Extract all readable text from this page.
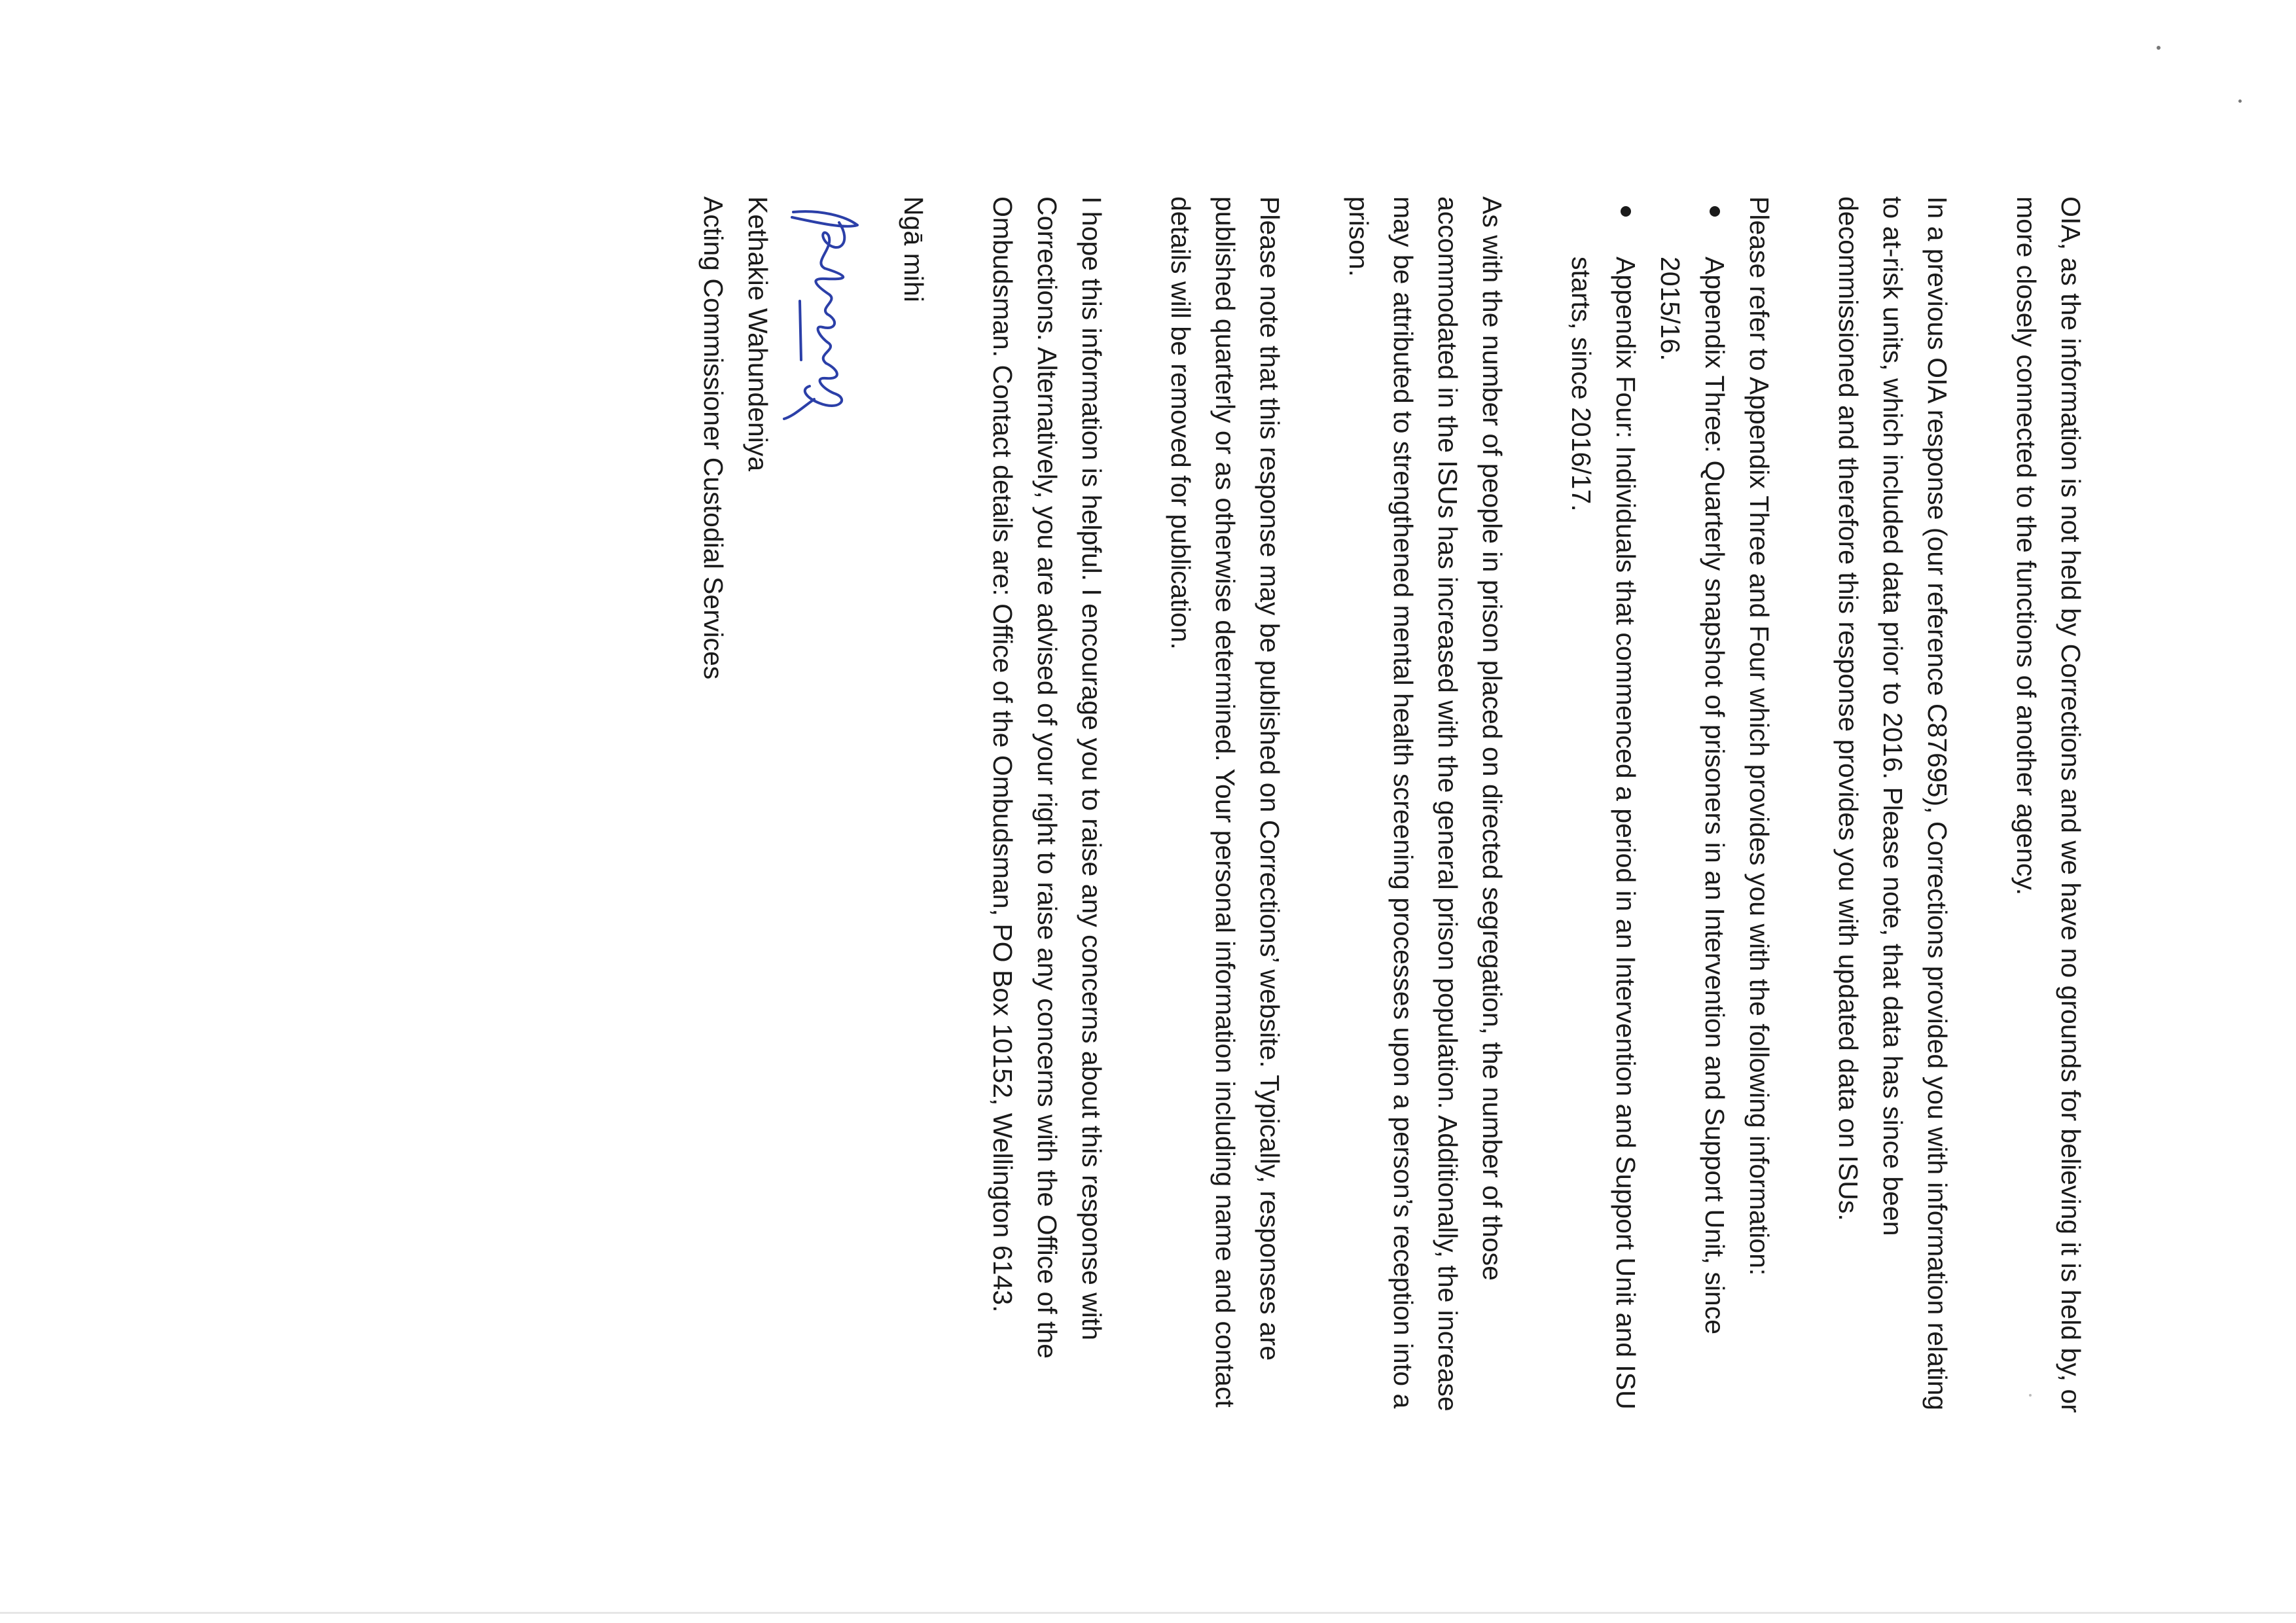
OIA, as the information is not held by Corrections and we have no grounds for believing it is held by, or more closely connected to the functions of another agency.

In a previous OIA response (our reference C87695), Corrections provided you with information relating to at-risk units, which included data prior to 2016. Please note, that data has since been decommissioned and therefore this response provides you with updated data on ISUs.

Please refer to Appendix Three and Four which provides you with the following information:

Appendix Three: Quarterly snapshot of prisoners in an Intervention and Support Unit, since 2015/16.
Appendix Four: Individuals that commenced a period in an Intervention and Support Unit and ISU starts, since 2016/17.

As with the number of people in prison placed on directed segregation, the number of those accommodated in the ISUs has increased with the general prison population. Additionally, the increase may be attributed to strengthened mental health screening processes upon a person’s reception into a prison.

Please note that this response may be published on Corrections’ website. Typically, responses are published quarterly or as otherwise determined. Your personal information including name and contact details will be removed for publication.

I hope this information is helpful. I encourage you to raise any concerns about this response with Corrections. Alternatively, you are advised of your right to raise any concerns with the Office of the Ombudsman. Contact details are: Office of the Ombudsman, PO Box 10152, Wellington 6143.

Ngā mihi

Kethakie Wahundeniya
Acting Commissioner Custodial Services
